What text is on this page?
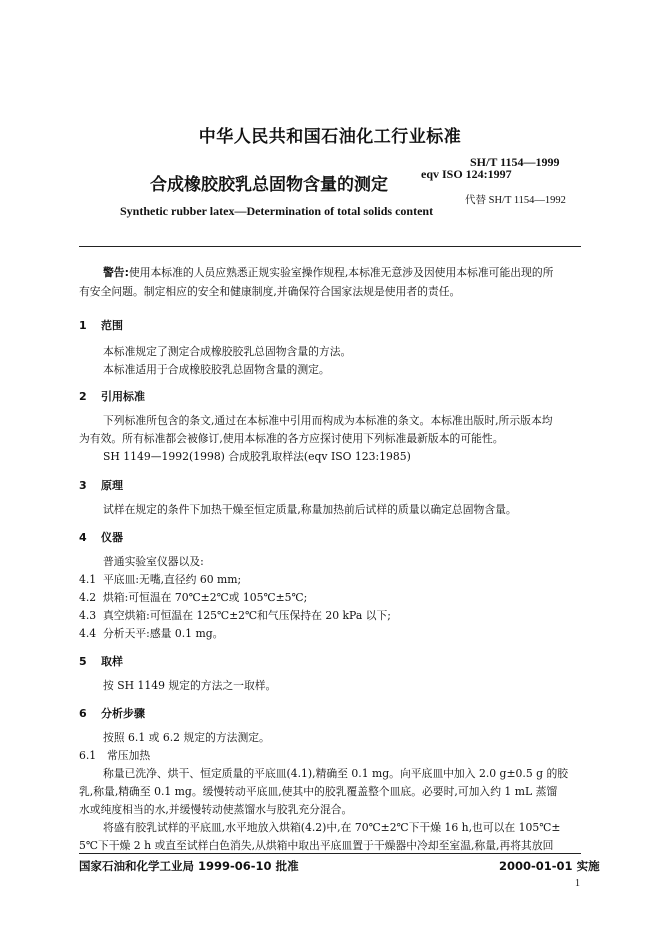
中华人民共和国石油化工行业标准
SH/T 1154—1999
合成橡胶胶乳总固物含量的测定
eqv ISO 124:1997
代替 SH/T 1154—1992
Synthetic rubber latex—Determination of total solids content
警告:使用本标准的人员应熟悉正规实验室操作规程,本标准无意涉及因使用本标准可能出现的所
有安全问题。制定相应的安全和健康制度,并确保符合国家法规是使用者的责任。
1 范围
本标准规定了测定合成橡胶胶乳总固物含量的方法。
本标准适用于合成橡胶胶乳总固物含量的测定。
2 引用标准
下列标准所包含的条文,通过在本标准中引用而构成为本标准的条文。本标准出版时,所示版本均
为有效。所有标准都会被修订,使用本标准的各方应探讨使用下列标准最新版本的可能性。
SH 1149—1992(1998) 合成胶乳取样法(eqv ISO 123:1985)
3 原理
试样在规定的条件下加热干燥至恒定质量,称量加热前后试样的质量以确定总固物含量。
4 仪器
普通实验室仪器以及:
4.1 平底皿:无嘴,直径约 60 mm;
4.2 烘箱:可恒温在 70℃±2℃或 105℃±5℃;
4.3 真空烘箱:可恒温在 125℃±2℃和气压保持在 20 kPa 以下;
4.4 分析天平:感量 0.1 mg。
5 取样
按 SH 1149 规定的方法之一取样。
6 分析步骤
按照 6.1 或 6.2 规定的方法测定。
6.1 常压加热
称量已洗净、烘干、恒定质量的平底皿(4.1),精确至 0.1 mg。向平底皿中加入 2.0 g±0.5 g 的胶
乳,称量,精确至 0.1 mg。缓慢转动平底皿,使其中的胶乳覆盖整个皿底。必要时,可加入约 1 mL 蒸馏
水或纯度相当的水,并缓慢转动使蒸馏水与胶乳充分混合。
将盛有胶乳试样的平底皿,水平地放入烘箱(4.2)中,在 70℃±2℃下干燥 16 h,也可以在 105℃±
5℃下干燥 2 h 或直至试样白色消失,从烘箱中取出平底皿置于干燥器中冷却至室温,称量,再将其放回
国家石油和化学工业局 1999-06-10 批准	2000-01-01 实施
1
